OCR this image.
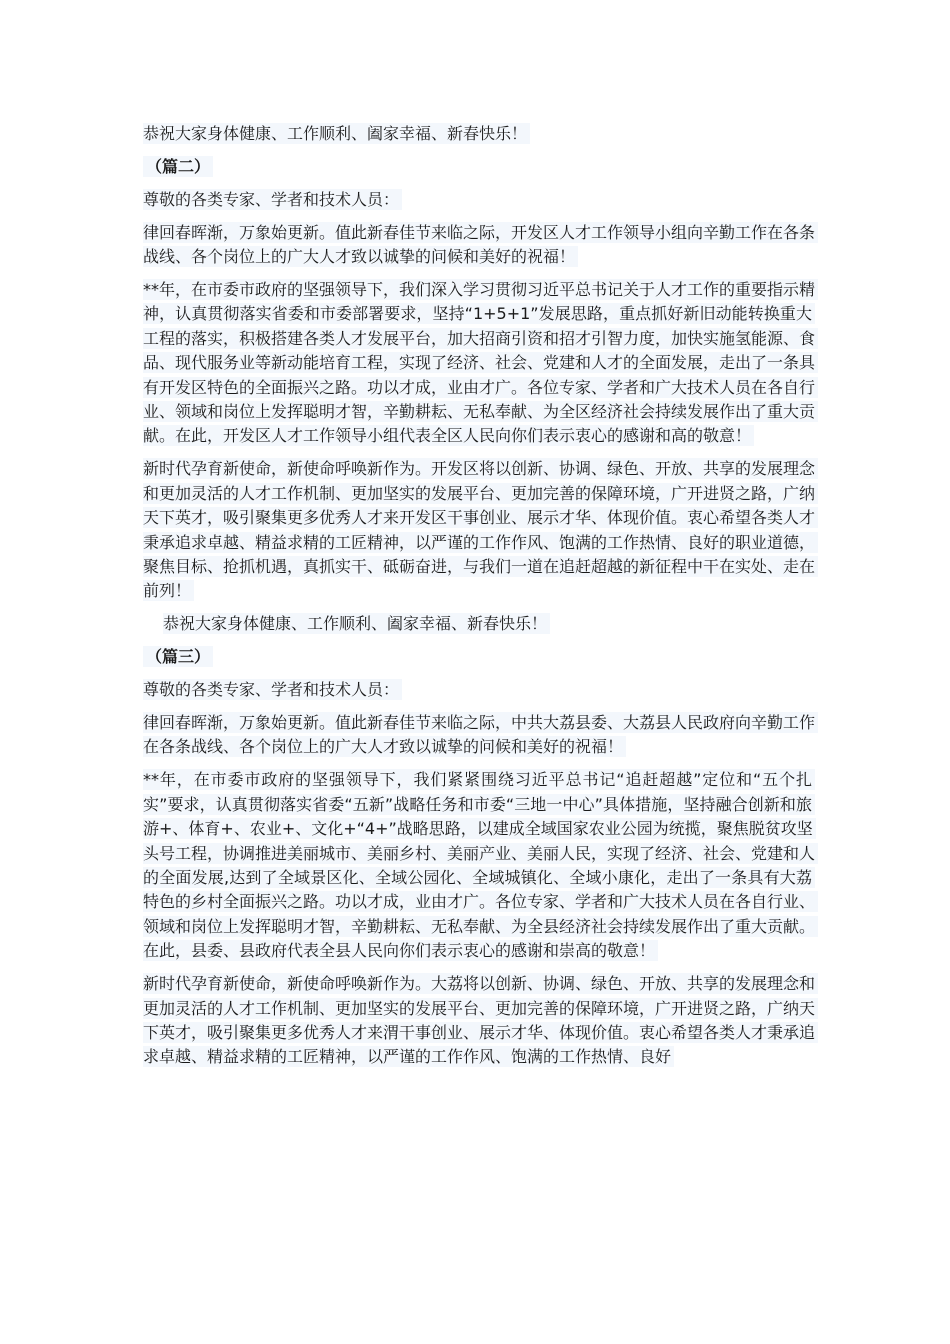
恭祝大家身体健康、工作顺利、阖家幸福、新春快乐！

（篇二）

尊敬的各类专家、学者和技术人员：

律回春晖渐，万象始更新。值此新春佳节来临之际，开发区人才工作领导小组向辛勤工作在各条战线、各个岗位上的广大人才致以诚挚的问候和美好的祝福！

**年，在市委市政府的坚强领导下，我们深入学习贯彻习近平总书记关于人才工作的重要指示精神，认真贯彻落实省委和市委部署要求，坚持“1+5+1”发展思路，重点抓好新旧动能转换重大工程的落实，积极搭建各类人才发展平台，加大招商引资和招才引智力度，加快实施氢能源、食品、现代服务业等新动能培育工程，实现了经济、社会、党建和人才的全面发展，走出了一条具有开发区特色的全面振兴之路。功以才成，业由才广。各位专家、学者和广大技术人员在各自行业、领域和岗位上发挥聪明才智，辛勤耕耘、无私奉献、为全区经济社会持续发展作出了重大贡献。在此，开发区人才工作领导小组代表全区人民向你们表示衷心的感谢和高的敬意！

新时代孕育新使命，新使命呼唤新作为。开发区将以创新、协调、绿色、开放、共享的发展理念和更加灵活的人才工作机制、更加坚实的发展平台、更加完善的保障环境，广开进贤之路，广纳天下英才，吸引聚集更多优秀人才来开发区干事创业、展示才华、体现价值。衷心希望各类人才秉承追求卓越、精益求精的工匠精神，以严谨的工作作风、饱满的工作热情、良好的职业道德，聚焦目标、抢抓机遇，真抓实干、砥砺奋进，与我们一道在追赶超越的新征程中干在实处、走在前列！

恭祝大家身体健康、工作顺利、阖家幸福、新春快乐！

（篇三）

尊敬的各类专家、学者和技术人员：

律回春晖渐，万象始更新。值此新春佳节来临之际，中共大荔县委、大荔县人民政府向辛勤工作在各条战线、各个岗位上的广大人才致以诚挚的问候和美好的祝福！

**年，在市委市政府的坚强领导下，我们紧紧围绕习近平总书记“追赶超越”定位和“五个扎实”要求，认真贯彻落实省委“五新”战略任务和市委“三地一中心”具体措施，坚持融合创新和旅游+、体育+、农业+、文化+“4+”战略思路，以建成全域国家农业公园为统揽，聚焦脱贫攻坚头号工程，协调推进美丽城市、美丽乡村、美丽产业、美丽人民，实现了经济、社会、党建和人的全面发展,达到了全域景区化、全域公园化、全域城镇化、全域小康化，走出了一条具有大荔特色的乡村全面振兴之路。功以才成，业由才广。各位专家、学者和广大技术人员在各自行业、领域和岗位上发挥聪明才智，辛勤耕耘、无私奉献、为全县经济社会持续发展作出了重大贡献。在此，县委、县政府代表全县人民向你们表示衷心的感谢和崇高的敬意！

新时代孕育新使命，新使命呼唤新作为。大荔将以创新、协调、绿色、开放、共享的发展理念和更加灵活的人才工作机制、更加坚实的发展平台、更加完善的保障环境，广开进贤之路，广纳天下英才，吸引聚集更多优秀人才来渭干事创业、展示才华、体现价值。衷心希望各类人才秉承追求卓越、精益求精的工匠精神，以严谨的工作作风、饱满的工作热情、良好
